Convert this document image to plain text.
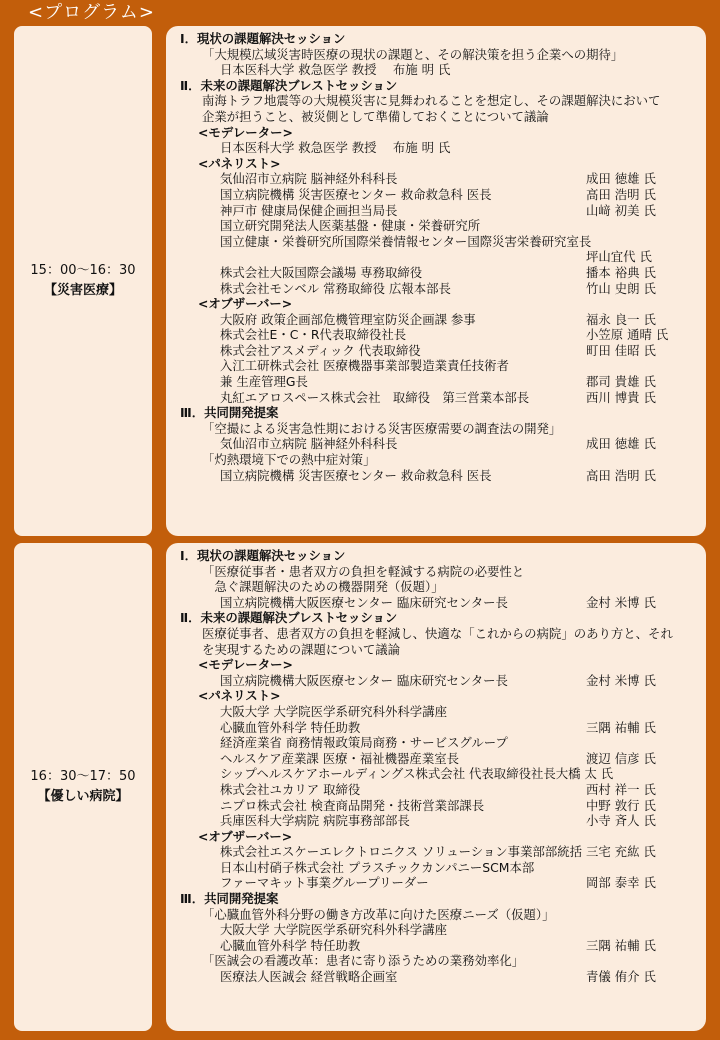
<プログラム>
15：00～16：30
【災害医療】
Ⅰ．現状の課題解決セッション
「大規模広域災害時医療の現状の課題と、その解決策を担う企業への期待」
日本医科大学 救急医学 教授　 布施 明 氏
Ⅱ．未来の課題解決ブレストセッション
南海トラフ地震等の大規模災害に見舞われることを想定し、その課題解決において
企業が担うこと、被災側として準備しておくことについて議論
<モデレーター>
日本医科大学 救急医学 教授　 布施 明 氏
<パネリスト>
気仙沼市立病院 脳神経外科科長	成田 徳雄 氏
国立病院機構 災害医療センター 救命救急科 医長	高田 浩明 氏
神戸市 健康局保健企画担当局長	山﨑 初美 氏
国立研究開発法人医薬基盤・健康・栄養研究所
国立健康・栄養研究所国際栄養情報センター国際災害栄養研究室長
坪山宜代 氏
株式会社大阪国際会議場 専務取締役	播本 裕典 氏
株式会社モンベル 常務取締役 広報本部長	竹山 史朗 氏
<オブザーバー>
大阪府 政策企画部危機管理室防災企画課 参事	福永 良一 氏
株式会社E・C・R代表取締役社長	小笠原 通晴 氏
株式会社アスメディック 代表取締役	町田 佳昭 氏
入江工研株式会社 医療機器事業部製造業責任技術者
兼 生産管理G長	郡司 貴雄 氏
丸紅エアロスペース株式会社　取締役　第三営業本部長	西川 博貴 氏
Ⅲ．共同開発提案
「空撮による災害急性期における災害医療需要の調査法の開発」
気仙沼市立病院 脳神経外科科長	成田 徳雄 氏
「灼熱環境下での熱中症対策」
国立病院機構 災害医療センター 救命救急科 医長	高田 浩明 氏
16：30～17：50
【優しい病院】
Ⅰ．現状の課題解決セッション
「医療従事者・患者双方の負担を軽減する病院の必要性と
　急ぐ課題解決のための機器開発（仮題）」
国立病院機構大阪医療センター 臨床研究センター長	金村 米博 氏
Ⅱ．未来の課題解決ブレストセッション
医療従事者、患者双方の負担を軽減し、快適な「これからの病院」のあり方と、それ
を実現するための課題について議論
<モデレーター>
国立病院機構大阪医療センター 臨床研究センター長	金村 米博 氏
<パネリスト>
大阪大学 大学院医学系研究科外科学講座
心臓血管外科学 特任助教	三隅 祐輔 氏
経済産業省 商務情報政策局商務・サービスグループ
ヘルスケア産業課 医療・福祉機器産業室長	渡辺 信彦 氏
シップヘルスケアホールディングス株式会社 代表取締役社長大橋 太 氏
株式会社ユカリア 取締役	西村 祥一 氏
ニプロ株式会社 検査商品開発・技術営業部課長	中野 敦行 氏
兵庫医科大学病院 病院事務部部長	小寺 斉人 氏
<オブザーバー>
株式会社エスケーエレクトロニクス ソリューション事業部部統括 三宅 充紘 氏
日本山村硝子株式会社 プラスチックカンパニーSCM本部
ファーマキット事業グループリーダー	岡部 泰幸 氏
Ⅲ．共同開発提案
「心臓血管外科分野の働き方改革に向けた医療ニーズ（仮題）」
大阪大学 大学院医学系研究科外科学講座
心臓血管外科学 特任助教	三隅 祐輔 氏
「医誠会の看護改革：患者に寄り添うための業務効率化」
医療法人医誠会 経営戦略企画室	青儀 侑介 氏
